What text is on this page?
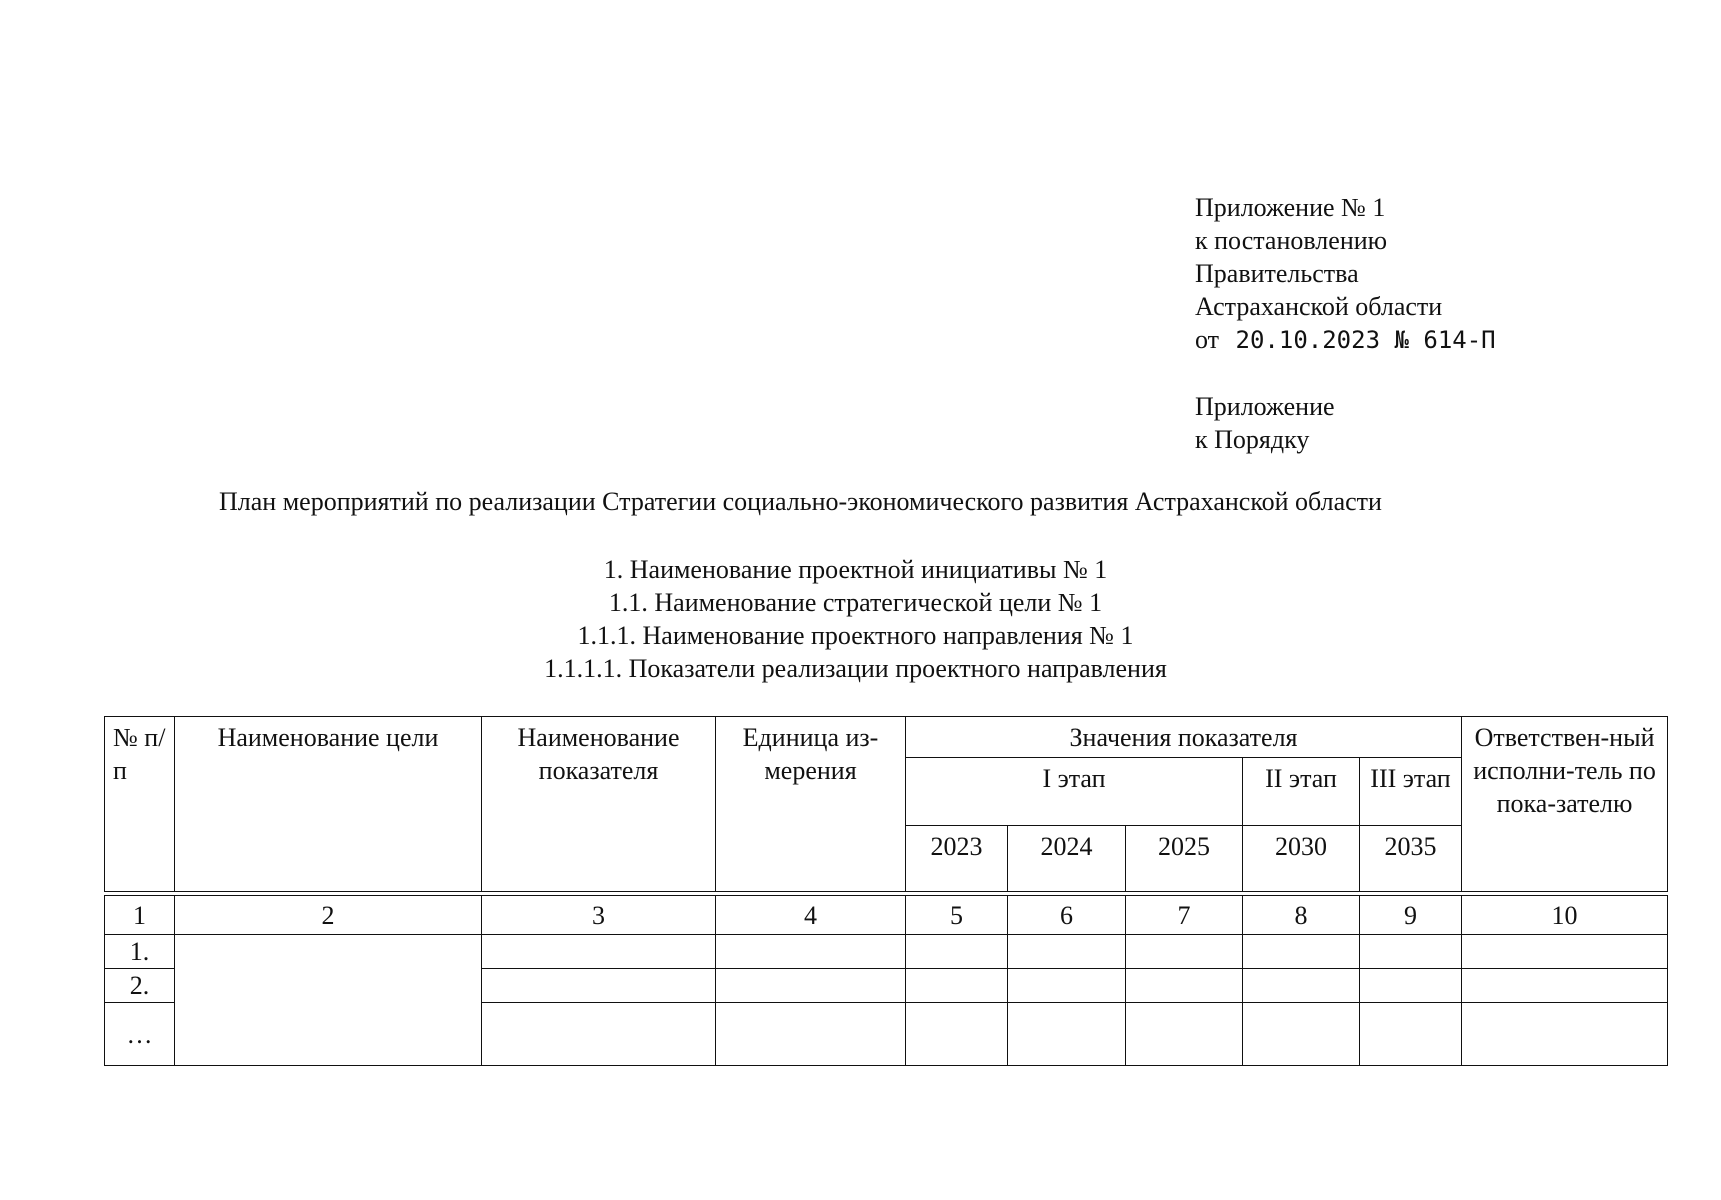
Приложение № 1
к постановлению
Правительства
Астраханской области
от 20.10.2023 № 614-П
Приложение
к Порядку
План мероприятий по реализации Стратегии социально-экономического развития Астраханской области
1. Наименование проектной инициативы № 1
1.1. Наименование стратегической цели № 1
1.1.1. Наименование проектного направления № 1
1.1.1.1. Показатели реализации проектного направления
№ п/п	Наименование цели	Наименование показателя	Единица из-мерения	Значения показателя					Ответствен-ный исполни-тель по пока-зателю
				I этап			II этап	III этап	
				2023	2024	2025	2030	2035	

1	2	3	4	5	6	7	8	9	10
1.									
2.									
…									
